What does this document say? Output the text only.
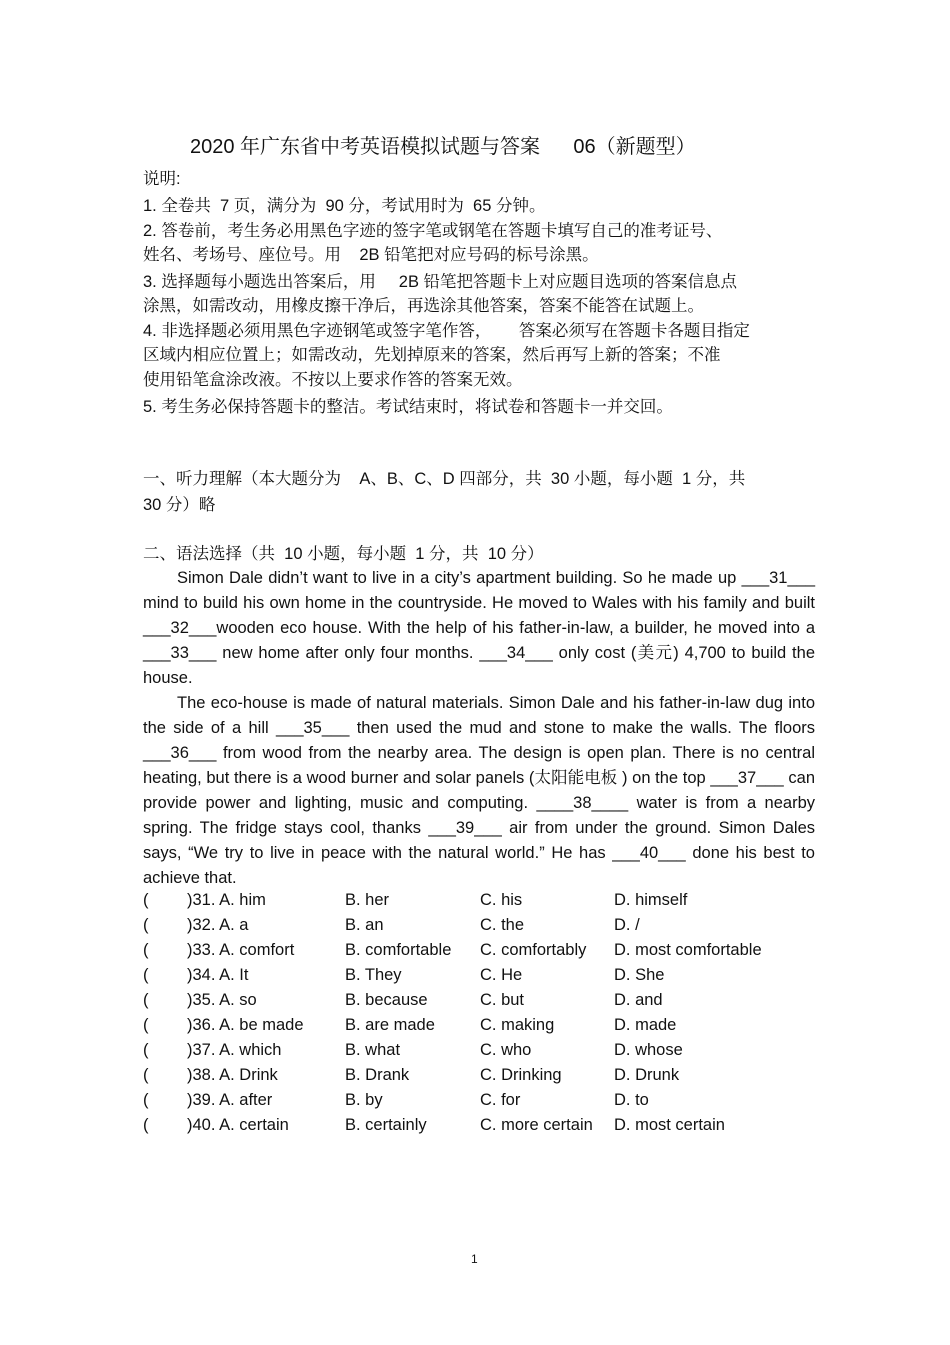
2020 年广东省中考英语模拟试题与答案      06（新题型）
说明:
1. 全卷共  7 页，满分为  90 分，考试用时为  65 分钟。
2. 答卷前，考生务必用黑色字迹的签字笔或钢笔在答题卡填写自己的准考证号、
姓名、考场号、座位号。用    2B 铅笔把对应号码的标号涂黑。
3. 选择题每小题选出答案后，用     2B 铅笔把答题卡上对应题目选项的答案信息点
涂黑，如需改动，用橡皮擦干净后，再选涂其他答案，答案不能答在试题上。
4. 非选择题必须用黑色字迹钢笔或签字笔作答，      答案必须写在答题卡各题目指定
区域内相应位置上；如需改动，先划掉原来的答案，然后再写上新的答案；不准
使用铅笔盒涂改液。不按以上要求作答的答案无效。
5. 考生务必保持答题卡的整洁。考试结束时，将试卷和答题卡一并交回。
一、听力理解（本大题分为    A、B、C、D 四部分，共  30 小题，每小题  1 分，共
30 分）略
二、语法选择（共  10 小题，每小题  1 分，共  10 分）

Simon Dale didn’t want to live in a city’s apartment building. So he made up ___31___ mind to build his own home in the countryside. He moved to Wales with his family and built ___32___wooden eco house. With the help of his father-in-law, a builder, he moved into a ___33___ new home after only four months. ___34___ only cost (美元) 4,700 to build the house.

The eco-house is made of natural materials. Simon Dale and his father-in-law dug into the side of a hill ___35___ then used the mud and stone to make the walls. The floors ___36___ from wood from the nearby area. The design is open plan. There is no central heating, but there is a wood burner and solar panels (太阳能电板 ) on the top ___37___ can provide power and lighting, music and computing. ____38____ water is from a nearby spring. The fridge stays cool, thanks ___39___ air from under the ground. Simon Dales says, “We try to live in peace with the natural world.” He has ___40___ done his best to achieve that.

( )31. A. him	B. her	C. his	D. himself
( )32. A. a	B. an	C. the	D. /
( )33. A. comfort	B. comfortable C. comfortably D. most comfortable
( )34. A. It	B. They	C. He	D. She
( )35. A. so	B. because	C. but	D. and
( )36. A. be made	B. are made	C. making	D. made
( )37. A. which	B. what	C. who	D. whose
( )38. A. Drink	B. Drank	C. Drinking	D. Drunk
( )39. A. after	B. by	C. for	D. to
( )40. A. certain	B. certainly	C. more certain D. most certain
1
